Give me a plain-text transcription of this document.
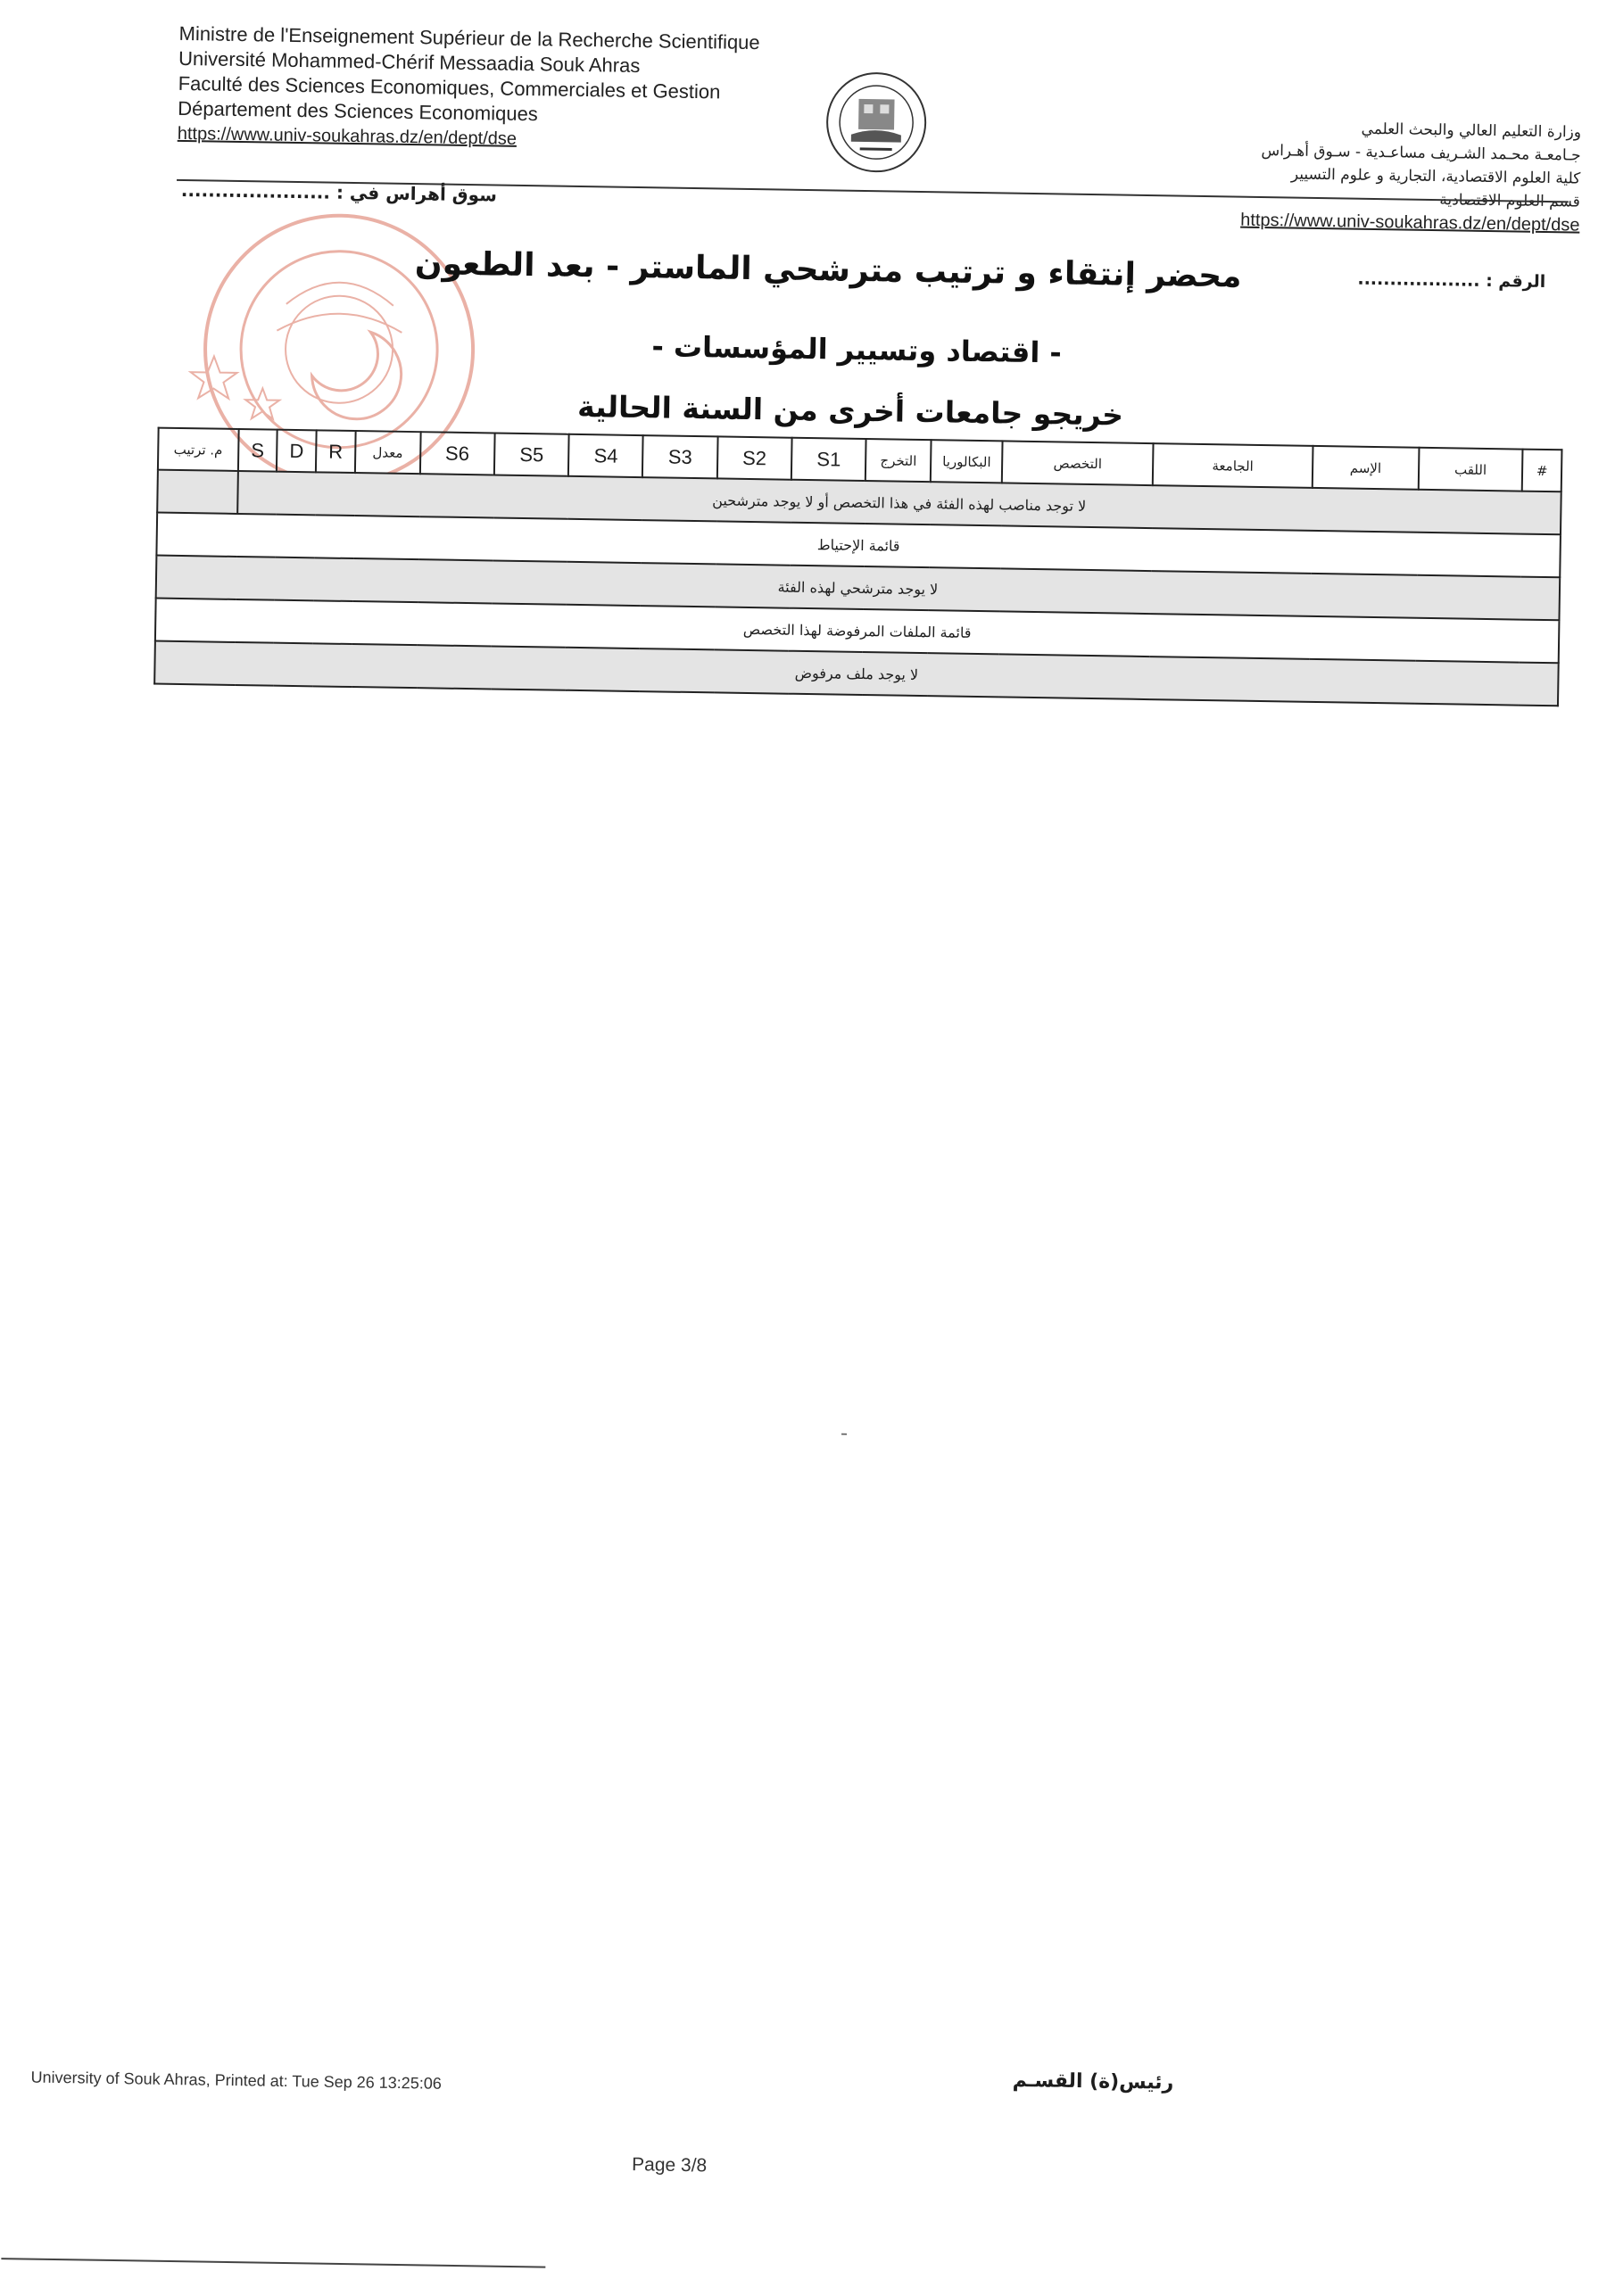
Ministre de l'Enseignement Supérieur de la Recherche Scientifique
Université Mohammed-Chérif Messaadia Souk Ahras
Faculté des Sciences Economiques, Commerciales et Gestion
Département des Sciences Economiques
https://www.univ-soukahras.dz/en/dept/dse	وزارة التعليم العالي والبحث العلمي
جـامعـة محـمد الشـريف مساعـدية - سـوق أهـراس
كلية العلوم الاقتصادية، التجارية و علوم التسيير
قسم العلوم الاقتصادية
https://www.univ-soukahras.dz/en/dept/dse
سوق أهراس في : ......................
الرقم : ...................
محضر إنتقاء و ترتيب مترشحي الماستر - بعد الطعون
- اقتصاد وتسيير المؤسسات -
خريجو جامعات أخرى من السنة الحالية
#	اللقب	الإسم	الجامعة	التخصص	البكالوريا	التخرج	S1	S2	S3	S4	S5	S6	معدل	R	D	S	م. ترتيب
لا توجد مناصب لهذه الفئة في هذا التخصص أو لا يوجد مترشحين																	
قائمة الإحتياط																	
لا يوجد مترشحي لهذه الفئة																	
قائمة الملفات المرفوضة لهذا التخصص																	
لا يوجد ملف مرفوض																	
رئيس(ة) القسـم
University of Souk Ahras, Printed at: Tue Sep 26 13:25:06
Page 3/8
